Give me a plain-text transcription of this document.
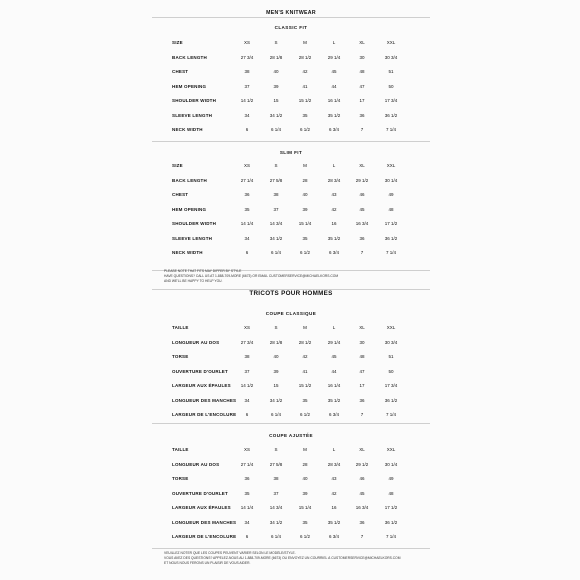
MEN'S KNITWEAR
CLASSIC FIT
SIZE	XS	S	M	L	XL	XXL
BACK LENGTH	27 3/4	28 1/8	28 1/2	29 1/4	30	30 3/4
CHEST	38	40	42	45	48	51
HEM OPENING	37	39	41	44	47	50
SHOULDER WIDTH	14 1/2	15	15 1/2	16 1/4	17	17 3/4
SLEEVE LENGTH	34	34 1/2	35	35 1/2	36	36 1/2
NECK WIDTH	6	6 1/4	6 1/2	6 3/4	7	7 1/4
SLIM FIT
SIZE	XS	S	M	L	XL	XXL
BACK LENGTH	27 1/4	27 5/8	28	28 3/4	29 1/2	30 1/4
CHEST	36	38	40	43	46	49
HEM OPENING	35	37	39	42	45	48
SHOULDER WIDTH	14 1/4	14 3/4	15 1/4	16	16 3/4	17 1/2
SLEEVE LENGTH	34	34 1/2	35	35 1/2	36	36 1/2
NECK WIDTH	6	6 1/4	6 1/2	6 3/4	7	7 1/4
PLEASE NOTE THAT FITS MAY DIFFER BY STYLE
HAVE QUESTIONS? CALL US AT 1-888-709-MORE (6673) OR EMAIL CUSTOMERSERVICE@MICHAELKORS.COM
AND WE'LL BE HAPPY TO HELP YOU.
TRICOTS POUR HOMMES
COUPE CLASSIQUE
TAILLE	XS	S	M	L	XL	XXL
LONGUEUR AU DOS	27 3/4	28 1/8	28 1/2	29 1/4	30	30 3/4
TORSE	38	40	42	45	48	51
OUVERTURE D'OURLET	37	39	41	44	47	50
LARGEUR AUX ÉPAULES	14 1/2	15	15 1/2	16 1/4	17	17 3/4
LONGUEUR DES MANCHES	34	34 1/2	35	35 1/2	36	36 1/2
LARGEUR DE L'ENCOLURE	6	6 1/4	6 1/2	6 3/4	7	7 1/4
COUPE AJUSTÉE
TAILLE	XS	S	M	L	XL	XXL
LONGUEUR AU DOS	27 1/4	27 5/8	28	28 3/4	29 1/2	30 1/4
TORSE	36	38	40	43	46	49
OUVERTURE D'OURLET	35	37	39	42	45	48
LARGEUR AUX ÉPAULES	14 1/4	14 3/4	15 1/4	16	16 3/4	17 1/2
LONGUEUR DES MANCHES	34	34 1/2	35	35 1/2	36	36 1/2
LARGEUR DE L'ENCOLURE	6	6 1/4	6 1/2	6 3/4	7	7 1/4
VEUILLEZ NOTER QUE LES COUPES PEUVENT VARIER SELON LE MODÈLE/STYLE.
VOUS AVEZ DES QUESTIONS? APPELEZ-NOUS AU 1-888-709-MORE (6673) OU ENVOYEZ UN COURRIEL À CUSTOMERSERVICE@MICHAELKORS.COM
ET NOUS NOUS FERONS UN PLAISIR DE VOUS AIDER.
